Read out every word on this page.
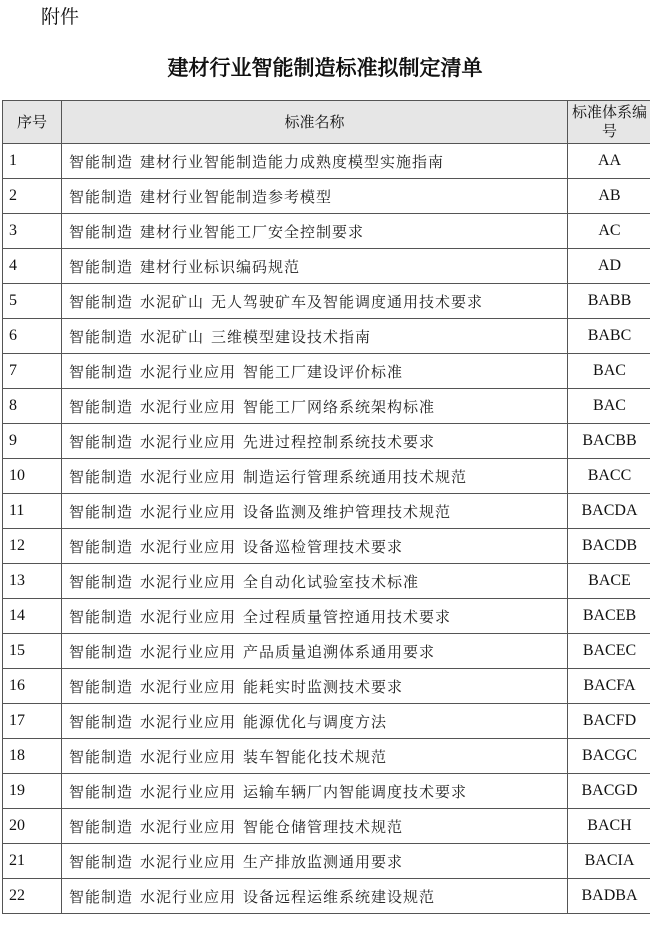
附件
建材行业智能制造标准拟制定清单
序号	标准名称	标准体系编号
1	智能制造 建材行业智能制造能力成熟度模型实施指南	AA
2	智能制造 建材行业智能制造参考模型	AB
3	智能制造 建材行业智能工厂安全控制要求	AC
4	智能制造 建材行业标识编码规范	AD
5	智能制造 水泥矿山 无人驾驶矿车及智能调度通用技术要求	BABB
6	智能制造 水泥矿山 三维模型建设技术指南	BABC
7	智能制造 水泥行业应用 智能工厂建设评价标准	BAC
8	智能制造 水泥行业应用 智能工厂网络系统架构标准	BAC
9	智能制造 水泥行业应用 先进过程控制系统技术要求	BACBB
10	智能制造 水泥行业应用 制造运行管理系统通用技术规范	BACC
11	智能制造 水泥行业应用 设备监测及维护管理技术规范	BACDA
12	智能制造 水泥行业应用 设备巡检管理技术要求	BACDB
13	智能制造 水泥行业应用 全自动化试验室技术标准	BACE
14	智能制造 水泥行业应用 全过程质量管控通用技术要求	BACEB
15	智能制造 水泥行业应用 产品质量追溯体系通用要求	BACEC
16	智能制造 水泥行业应用 能耗实时监测技术要求	BACFA
17	智能制造 水泥行业应用 能源优化与调度方法	BACFD
18	智能制造 水泥行业应用 装车智能化技术规范	BACGC
19	智能制造 水泥行业应用 运输车辆厂内智能调度技术要求	BACGD
20	智能制造 水泥行业应用 智能仓储管理技术规范	BACH
21	智能制造 水泥行业应用 生产排放监测通用要求	BACIA
22	智能制造 水泥行业应用 设备远程运维系统建设规范	BADBA
